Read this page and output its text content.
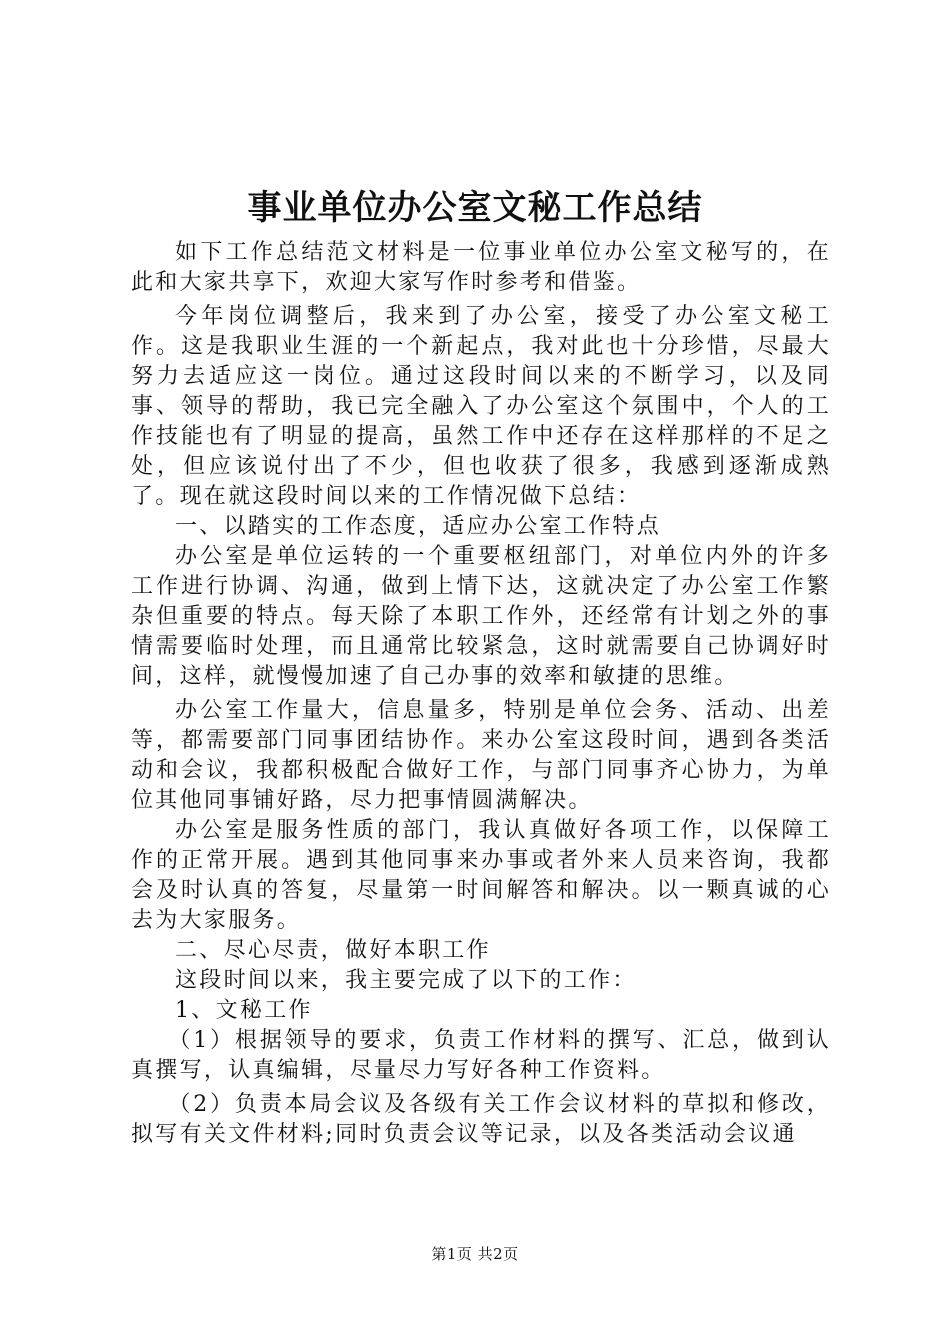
事业单位办公室文秘工作总结

如下工作总结范文材料是一位事业单位办公室文秘写的，在此和大家共享下，欢迎大家写作时参考和借鉴。

今年岗位调整后，我来到了办公室，接受了办公室文秘工作。这是我职业生涯的一个新起点，我对此也十分珍惜，尽最大努力去适应这一岗位。通过这段时间以来的不断学习，以及同事、领导的帮助，我已完全融入了办公室这个氛围中，个人的工作技能也有了明显的提高，虽然工作中还存在这样那样的不足之处，但应该说付出了不少，但也收获了很多，我感到逐渐成熟了。现在就这段时间以来的工作情况做下总结：

一、以踏实的工作态度，适应办公室工作特点

办公室是单位运转的一个重要枢纽部门，对单位内外的许多工作进行协调、沟通，做到上情下达，这就决定了办公室工作繁杂但重要的特点。每天除了本职工作外，还经常有计划之外的事情需要临时处理，而且通常比较紧急，这时就需要自己协调好时间，这样，就慢慢加速了自己办事的效率和敏捷的思维。

办公室工作量大，信息量多，特别是单位会务、活动、出差等，都需要部门同事团结协作。来办公室这段时间，遇到各类活动和会议，我都积极配合做好工作，与部门同事齐心协力，为单位其他同事铺好路，尽力把事情圆满解决。

办公室是服务性质的部门，我认真做好各项工作，以保障工作的正常开展。遇到其他同事来办事或者外来人员来咨询，我都会及时认真的答复，尽量第一时间解答和解决。以一颗真诚的心去为大家服务。

二、尽心尽责，做好本职工作

这段时间以来，我主要完成了以下的工作：

1、文秘工作

（1）根据领导的要求，负责工作材料的撰写、汇总，做到认真撰写，认真编辑，尽量尽力写好各种工作资料。

（2）负责本局会议及各级有关工作会议材料的草拟和修改，拟写有关文件材料;同时负责会议等记录，以及各类活动会议通

第1页 共2页
